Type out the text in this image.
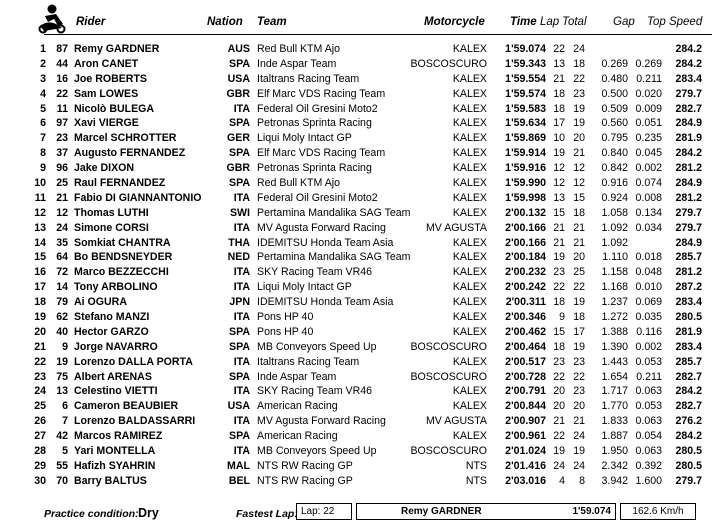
Rider	Nation Team	Motorcycle Time Lap Total Gap Top Speed
1 87 Remy GARDNER	AUS Red Bull KTM Ajo	KALEX	1'59.074 22 24	284.2
2 44 Aron CANET	SPA Inde Aspar Team	BOSCOSCURO	1'59.343 13 18	0.269 0.269	284.2
3 16 Joe ROBERTS	USA Italtrans Racing Team	KALEX	1'59.554 21 22	0.480 0.211	283.4
4 22 Sam LOWES	GBR Elf Marc VDS Racing Team	KALEX	1'59.574 18 23	0.500 0.020	279.7
5	11 Nicolò BULEGA	ITA Federal Oil Gresini Moto2	KALEX	1'59.583 18 19	0.509 0.009	282.7
6 97 Xavi VIERGE	SPA Petronas Sprinta Racing	KALEX	1'59.634 17 19	0.560 0.051	284.9
7 23 Marcel SCHROTTER	GER Liqui Moly Intact GP	KALEX	1'59.869 10 20	0.795 0.235	281.9
8 37 Augusto FERNANDEZ	SPA Elf Marc VDS Racing Team	KALEX	1'59.914 19 21	0.840 0.045	284.2
9 96 Jake DIXON	GBR Petronas Sprinta Racing	KALEX	1'59.916 12 12	0.842 0.002	281.2
10 25 Raul FERNANDEZ	SPA Red Bull KTM Ajo	KALEX	1'59.990 12 12	0.916 0.074	284.9
11 21 Fabio DI GIANNANTONIO	ITA Federal Oil Gresini Moto2	KALEX	1'59.998 13 15	0.924 0.008	281.2
12 12 Thomas LUTHI	SWI Pertamina Mandalika SAG Team	KALEX	2'00.132 15 18	1.058 0.134	279.7
13 24 Simone CORSI	ITA MV Agusta Forward Racing	MV AGUSTA	2'00.166 21 21	1.092 0.034	279.7
14 35 Somkiat CHANTRA	THA IDEMITSU Honda Team Asia	KALEX	2'00.166 21 21	1.092	284.9
15 64 Bo BENDSNEYDER	NED Pertamina Mandalika SAG Team	KALEX	2'00.184 19 20	1.110 0.018	285.7
16 72 Marco BEZZECCHI	ITA SKY Racing Team VR46	KALEX	2'00.232 23 25	1.158 0.048	281.2
17 14 Tony ARBOLINO	ITA Liqui Moly Intact GP	KALEX	2'00.242 22 22	1.168 0.010	287.2
18 79 Ai OGURA	JPN IDEMITSU Honda Team Asia	KALEX	2'00.311 18 19	1.237 0.069	283.4
19 62 Stefano MANZI	ITA Pons HP 40	KALEX	2'00.346	9 18	1.272 0.035	280.5
20 40 Hector GARZO	SPA Pons HP 40	KALEX	2'00.462 15 17	1.388 0.116	281.9
21	9 Jorge NAVARRO	SPA MB Conveyors Speed Up	BOSCOSCURO	2'00.464 18 19	1.390 0.002	283.4
22 19 Lorenzo DALLA PORTA	ITA Italtrans Racing Team	KALEX	2'00.517 23 23	1.443 0.053	285.7
23 75 Albert ARENAS	SPA Inde Aspar Team	BOSCOSCURO	2'00.728 22 22	1.654 0.211	282.7
24 13 Celestino VIETTI	ITA SKY Racing Team VR46	KALEX	2'00.791 20 23	1.717 0.063	284.2
25	6 Cameron BEAUBIER	USA American Racing	KALEX	2'00.844 20 20	1.770 0.053	282.7
26	7 Lorenzo BALDASSARRI	ITA MV Agusta Forward Racing	MV AGUSTA	2'00.907 21 21	1.833 0.063	276.2
27 42 Marcos RAMIREZ	SPA American Racing	KALEX	2'00.961 22 24	1.887 0.054	284.2
28	5 Yari MONTELLA	ITA MB Conveyors Speed Up	BOSCOSCURO	2'01.024 19 19	1.950 0.063	280.5
29 55 Hafizh SYAHRIN	MAL NTS RW Racing GP	NTS	2'01.416 24 24	2.342 0.392	280.5
30 70 Barry BALTUS	BEL NTS RW Racing GP	NTS	2'03.016	4	8	3.942 1.600	279.7
Practice condition: Dry	Fastest Lap: Lap: 22	Remy GARDNER	1'59.074	162.6 Km/h
